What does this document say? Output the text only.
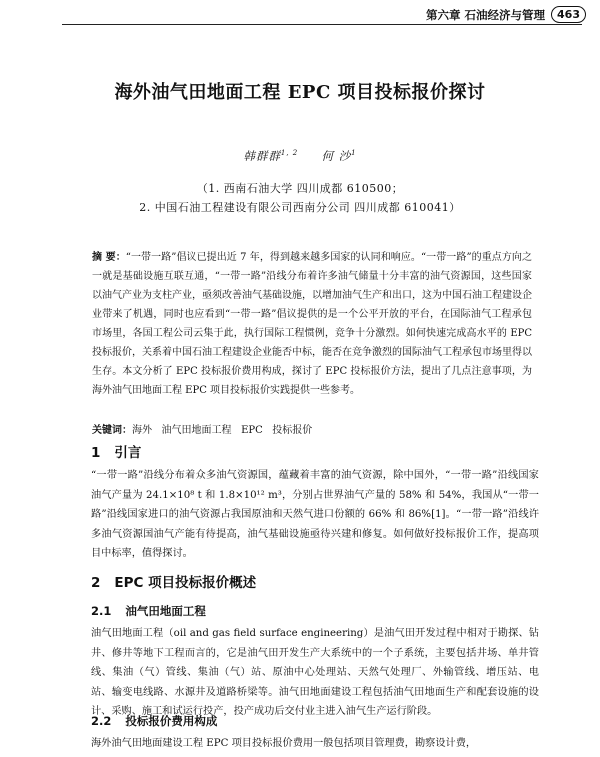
第六章 石油经济与管理	463
海外油气田地面工程 EPC 项目投标报价探讨
韩群群$^{1, 2}$ 何 沙$^1$
（1. 西南石油大学 四川成都 610500；
2. 中国石油工程建设有限公司西南分公司 四川成都 610041）
摘 要：“一带一路”倡议已提出近 7 年，得到越来越多国家的认同和响应。“一带一路”的重点方向之一就是基础设施互联互通，“一带一路”沿线分布着许多油气储量十分丰富的油气资源国，这些国家以油气产业为支柱产业，亟须改善油气基础设施，以增加油气生产和出口，这为中国石油工程建设企业带来了机遇，同时也应看到“一带一路”倡议提供的是一个公平开放的平台，在国际油气工程承包市场里，各国工程公司云集于此，执行国际工程惯例，竞争十分激烈。如何快速完成高水平的 EPC 投标报价，关系着中国石油工程建设企业能否中标，能否在竞争激烈的国际油气工程承包市场里得以生存。本文分析了 EPC 投标报价费用构成，探讨了 EPC 投标报价方法，提出了几点注意事项，为海外油气田地面工程 EPC 项目投标报价实践提供一些参考。
关键词：海外   油气田地面工程   EPC   投标报价
1 引言
“一带一路”沿线分布着众多油气资源国，蕴藏着丰富的油气资源，除中国外，“一带一路”沿线国家油气产量为 24.1×10⁸ t 和 1.8×10¹² m³，分别占世界油气产量的 58% 和 54%，我国从“一带一路”沿线国家进口的油气资源占我国原油和天然气进口份额的 66% 和 86%[1]。“一带一路”沿线许多油气资源国油气产能有待提高，油气基础设施亟待兴建和修复。如何做好投标报价工作，提高项目中标率，值得探讨。
2 EPC 项目投标报价概述
2.1 油气田地面工程
油气田地面工程（oil and gas field surface engineering）是油气田开发过程中相对于勘探、钻井、修井等地下工程而言的，它是油气田开发生产大系统中的一个子系统，主要包括井场、单井管线、集油（气）管线、集油（气）站、原油中心处理站、天然气处理厂、外输管线、增压站、电站、输变电线路、水源井及道路桥梁等。油气田地面建设工程包括油气田地面生产和配套设施的设计、采购、施工和试运行投产，投产成功后交付业主进入油气生产运行阶段。
2.2 投标报价费用构成
海外油气田地面建设工程 EPC 项目投标报价费用一般包括项目管理费，勘察设计费，
